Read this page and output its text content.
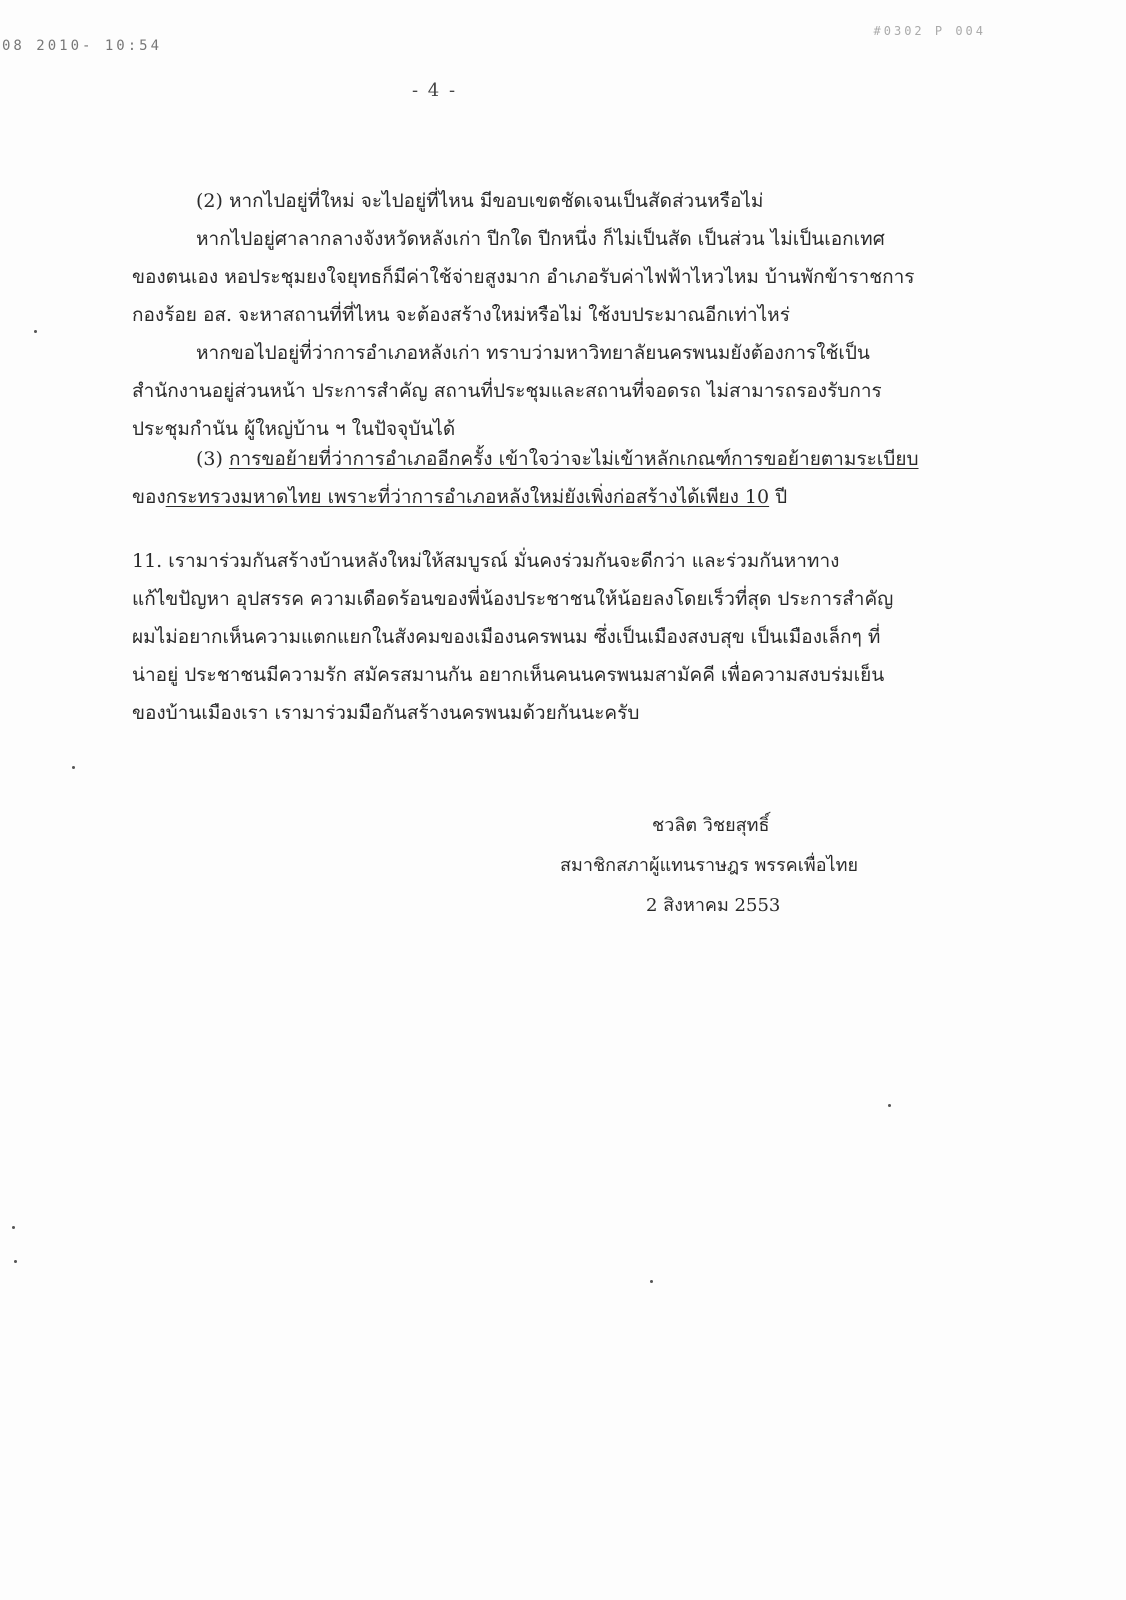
08 2010- 10:54
#0302 P 004
- 4 -
(2) หากไปอยู่ที่ใหม่ จะไปอยู่ที่ไหน มีขอบเขตชัดเจนเป็นสัดส่วนหรือไม่
หากไปอยู่ศาลากลางจังหวัดหลังเก่า ปีกใด ปีกหนึ่ง ก็ไม่เป็นสัด เป็นส่วน ไม่เป็นเอกเทศ
ของตนเอง หอประชุมยงใจยุทธก็มีค่าใช้จ่ายสูงมาก อำเภอรับค่าไฟฟ้าไหวไหม บ้านพักข้าราชการ
กองร้อย อส. จะหาสถานที่ที่ไหน จะต้องสร้างใหม่หรือไม่ ใช้งบประมาณอีกเท่าไหร่
หากขอไปอยู่ที่ว่าการอำเภอหลังเก่า ทราบว่ามหาวิทยาลัยนครพนมยังต้องการใช้เป็น
สำนักงานอยู่ส่วนหน้า ประการสำคัญ สถานที่ประชุมและสถานที่จอดรถ ไม่สามารถรองรับการ
ประชุมกำนัน ผู้ใหญ่บ้าน ฯ ในปัจจุบันได้
(3) การขอย้ายที่ว่าการอำเภออีกครั้ง เข้าใจว่าจะไม่เข้าหลักเกณฑ์การขอย้ายตามระเบียบ
ของกระทรวงมหาดไทย เพราะที่ว่าการอำเภอหลังใหม่ยังเพิ่งก่อสร้างได้เพียง 10 ปี
11. เรามาร่วมกันสร้างบ้านหลังใหม่ให้สมบูรณ์ มั่นคงร่วมกันจะดีกว่า และร่วมกันหาทาง
แก้ไขปัญหา อุปสรรค ความเดือดร้อนของพี่น้องประชาชนให้น้อยลงโดยเร็วที่สุด ประการสำคัญ
ผมไม่อยากเห็นความแตกแยกในสังคมของเมืองนครพนม ซึ่งเป็นเมืองสงบสุข เป็นเมืองเล็กๆ ที่
น่าอยู่ ประชาชนมีความรัก สมัครสมานกัน อยากเห็นคนนครพนมสามัคคี เพื่อความสงบร่มเย็น
ของบ้านเมืองเรา เรามาร่วมมือกันสร้างนครพนมด้วยกันนะครับ
ชวลิต วิชยสุทธิ์
สมาชิกสภาผู้แทนราษฎร พรรคเพื่อไทย
2 สิงหาคม 2553
